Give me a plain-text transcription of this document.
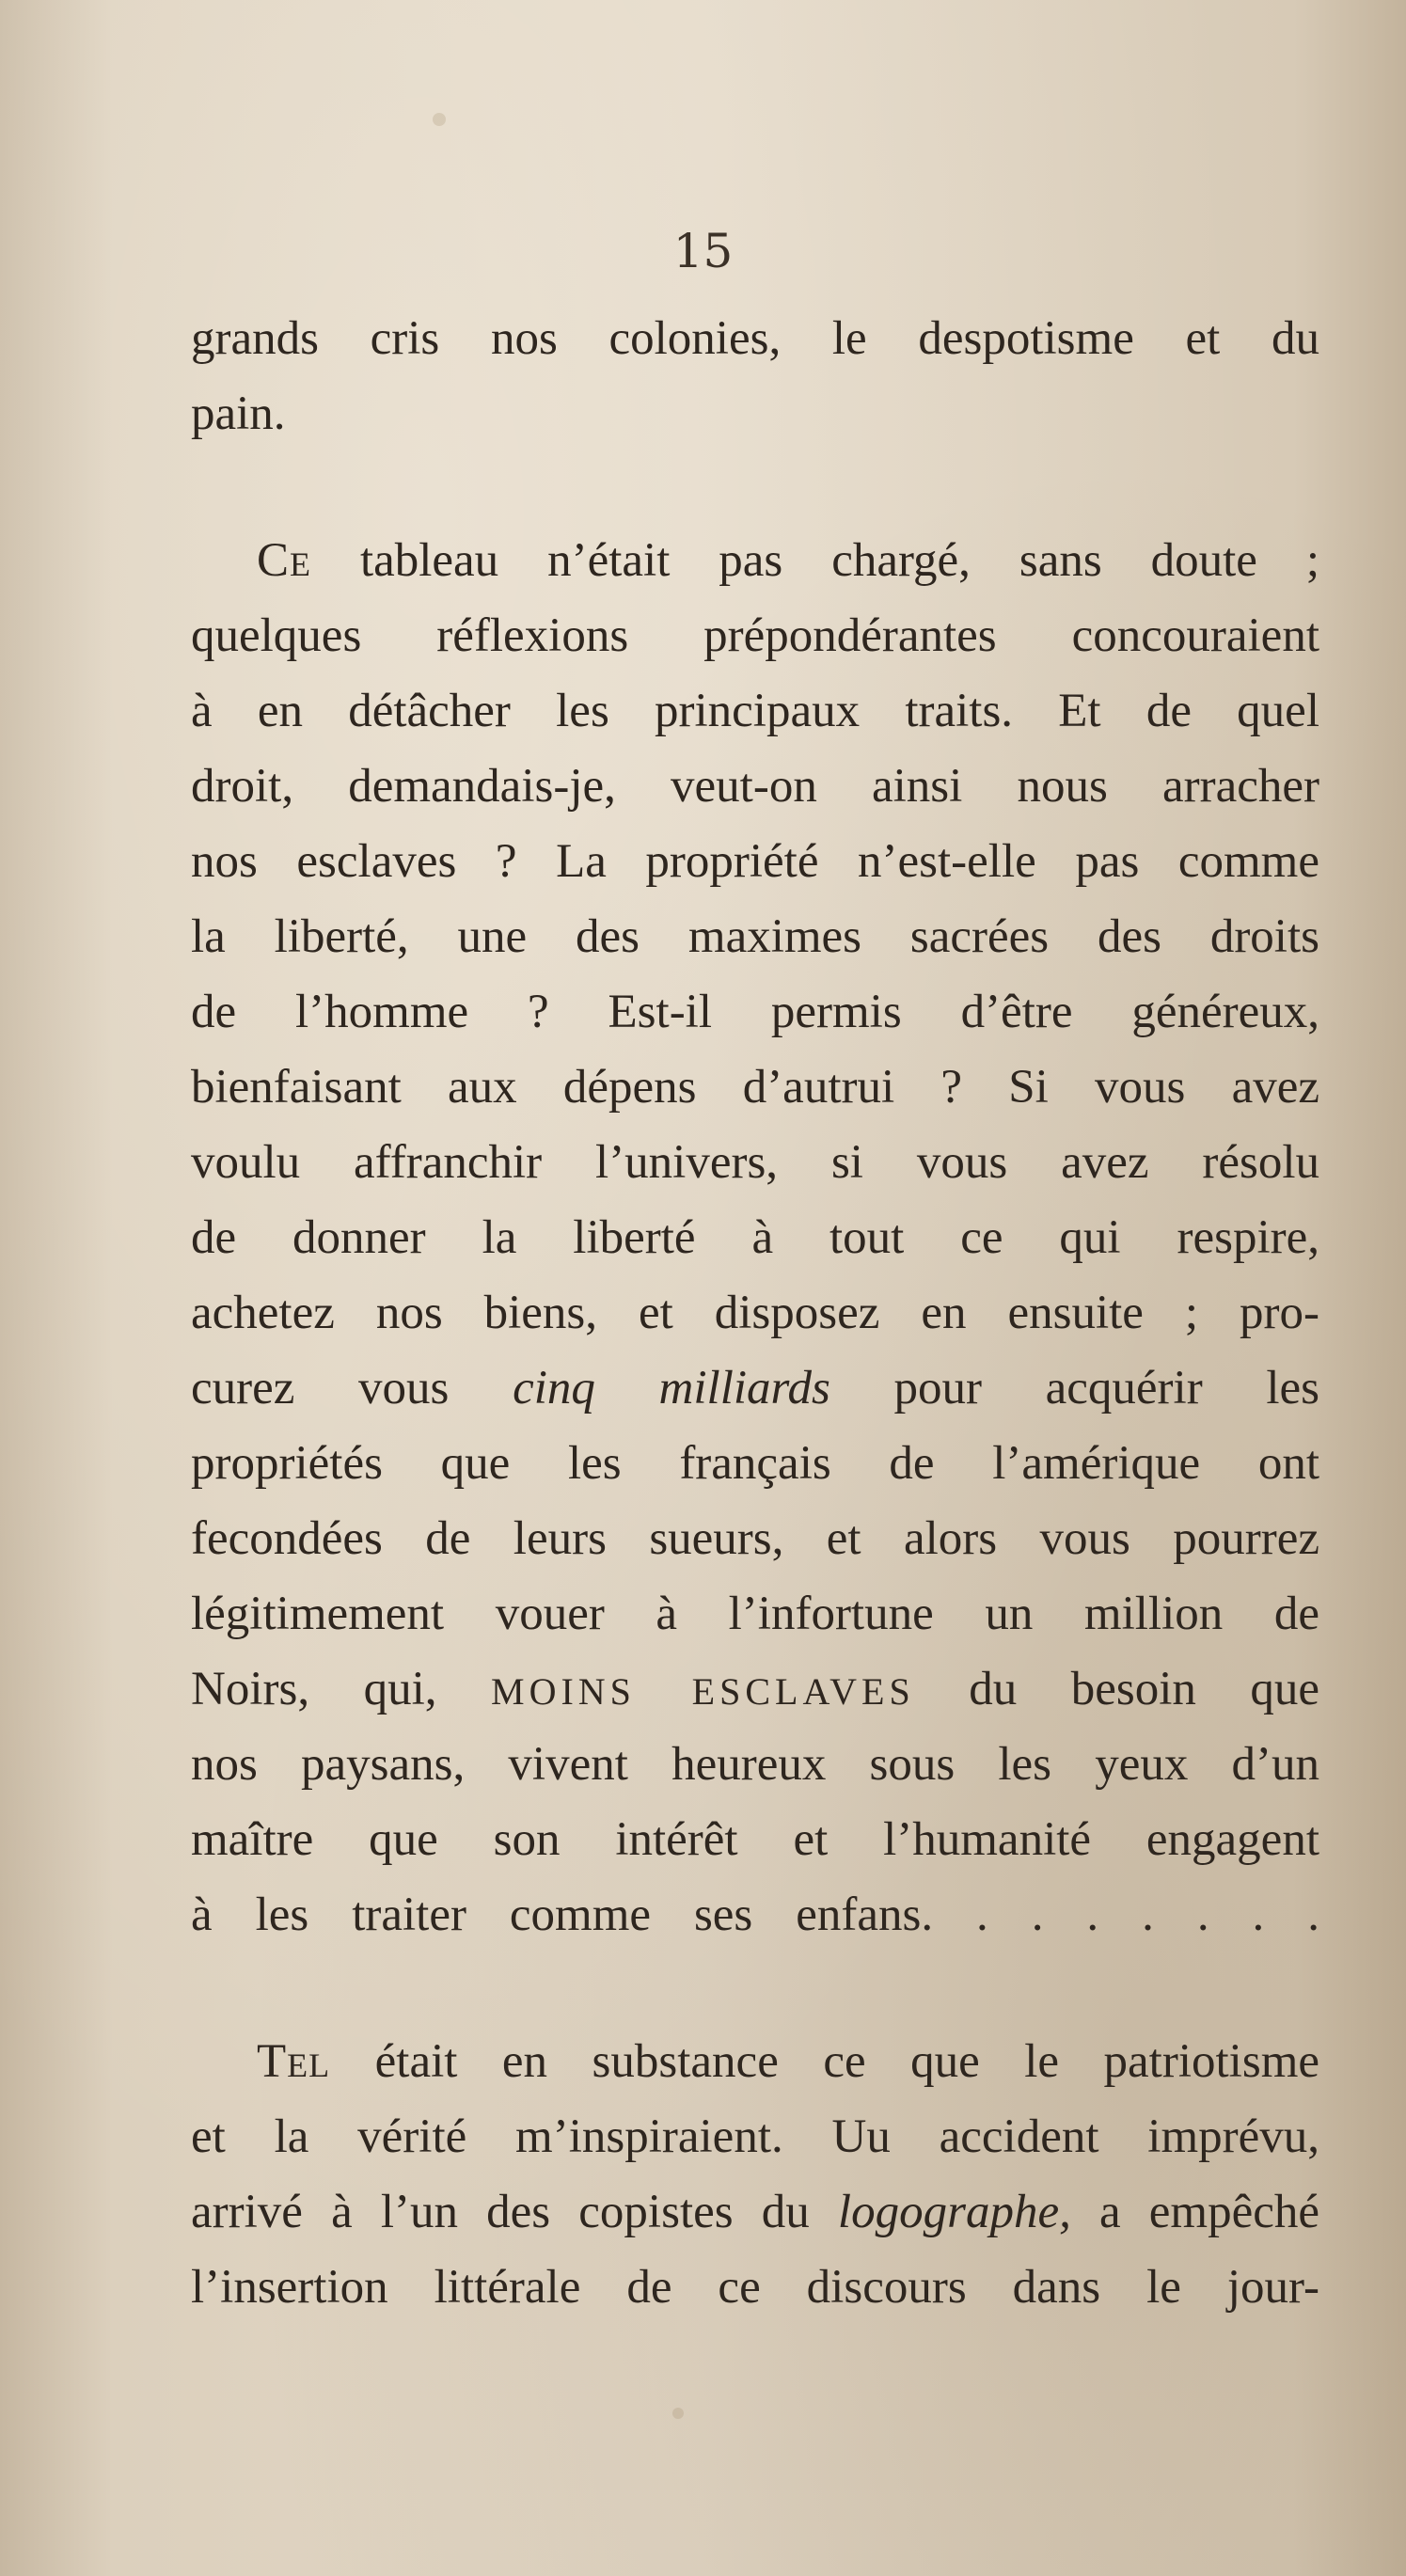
15
grands cris nos colonies, le despotisme et du
pain.
Ce tableau n’était pas chargé, sans doute ;
quelques réflexions prépondérantes concouraient
à en détâcher les principaux traits. Et de quel
droit, demandais-je, veut-on ainsi nous arracher
nos esclaves ? La propriété n’est-elle pas comme
la liberté, une des maximes sacrées des droits
de l’homme ? Est-il permis d’être généreux,
bienfaisant aux dépens d’autrui ? Si vous avez
voulu affranchir l’univers, si vous avez résolu
de donner la liberté à tout ce qui respire,
achetez nos biens, et disposez en ensuite ; pro-
curez vous cinq milliards pour acquérir les
propriétés que les français de l’amérique ont
fecondées de leurs sueurs, et alors vous pourrez
légitimement vouer à l’infortune un million de
Noirs, qui, MOINS ESCLAVES du besoin que
nos paysans, vivent heureux sous les yeux d’un
maître que son intérêt et l’humanité engagent
à les traiter comme ses enfans. . . . . . . .
Tel était en substance ce que le patriotisme
et la vérité m’inspiraient. Uu accident imprévu,
arrivé à l’un des copistes du logographe, a empêché
l’insertion littérale de ce discours dans le jour-
